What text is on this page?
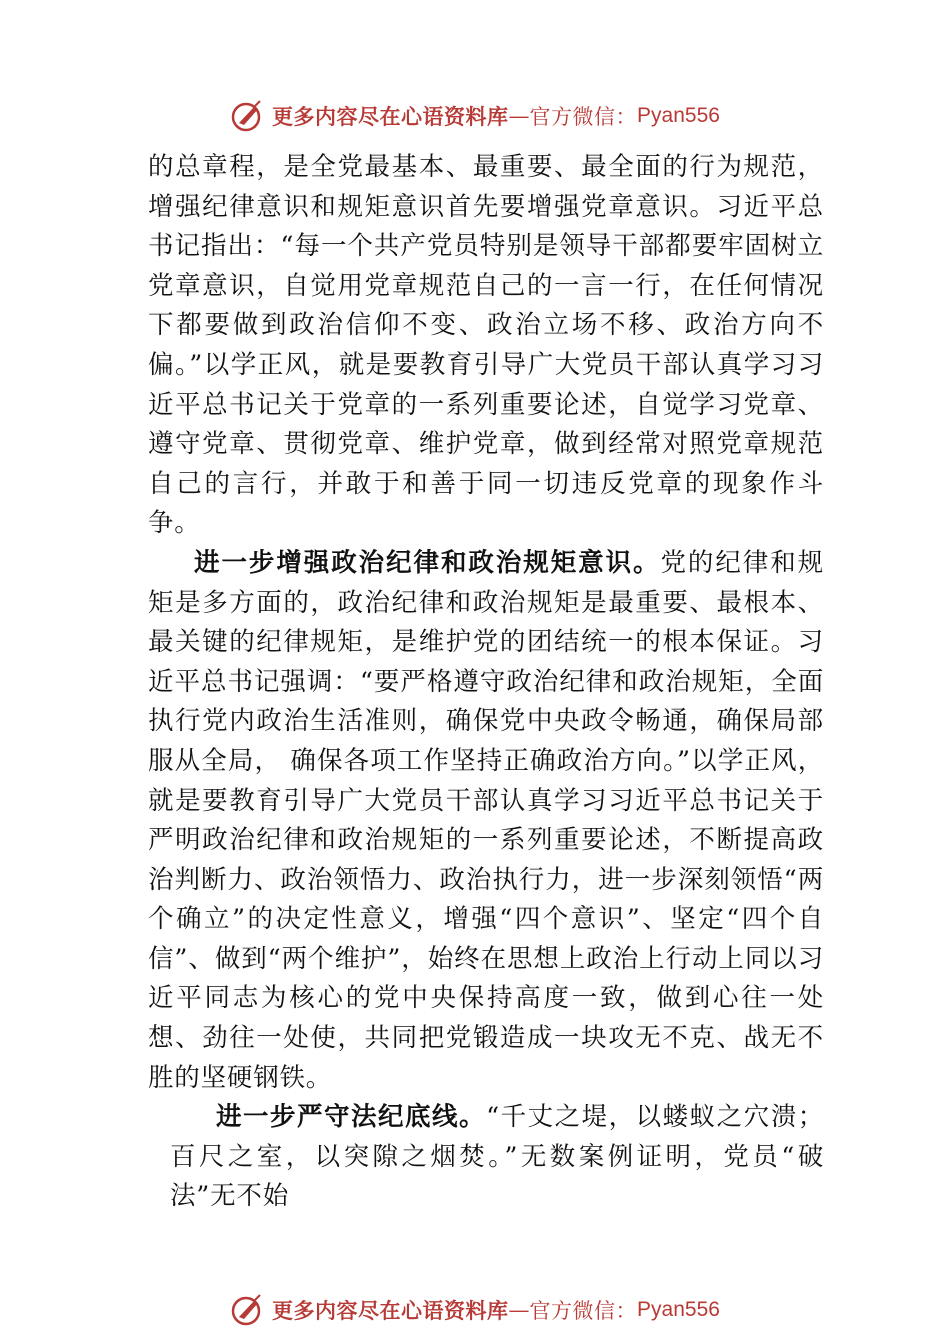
更多内容尽在心语资料库 — 官方微信： Pyan556

的总章程，是全党最基本、最重要、最全面的行为规范，增强纪律意识和规矩意识首先要增强党章意识。习近平总书记指出：“每一个共产党员特别是领导干部都要牢固树立党章意识，自觉用党章规范自己的一言一行，在任何情况下都要做到政治信仰不变、政治立场不移、政治方向不偏。”以学正风，就是要教育引导广大党员干部认真学习习近平总书记关于党章的一系列重要论述，自觉学习党章、遵守党章、贯彻党章、维护党章，做到经常对照党章规范自己的言行，并敢于和善于同一切违反党章的现象作斗争。

进一步增强政治纪律和政治规矩意识。党的纪律和规矩是多方面的，政治纪律和政治规矩是最重要、最根本、最关键的纪律规矩，是维护党的团结统一的根本保证。习近平总书记强调：“要严格遵守政治纪律和政治规矩，全面执行党内政治生活准则，确保党中央政令畅通，确保局部服从全局， 确保各项工作坚持正确政治方向。”以学正风，就是要教育引导广大党员干部认真学习习近平总书记关于严明政治纪律和政治规矩的一系列重要论述，不断提高政治判断力、政治领悟力、政治执行力，进一步深刻领悟“两个确立”的决定性意义，增强“四个意识”、坚定“四个自信”、做到“两个维护”，始终在思想上政治上行动上同以习近平同志为核心的党中央保持高度一致，做到心往一处想、劲往一处使，共同把党锻造成一块攻无不克、战无不胜的坚硬钢铁。

进一步严守法纪底线。“千丈之堤，以蝼蚁之穴溃；百尺之室，以突隙之烟焚。”无数案例证明，党员“破法”无不始

更多内容尽在心语资料库 — 官方微信： Pyan556
